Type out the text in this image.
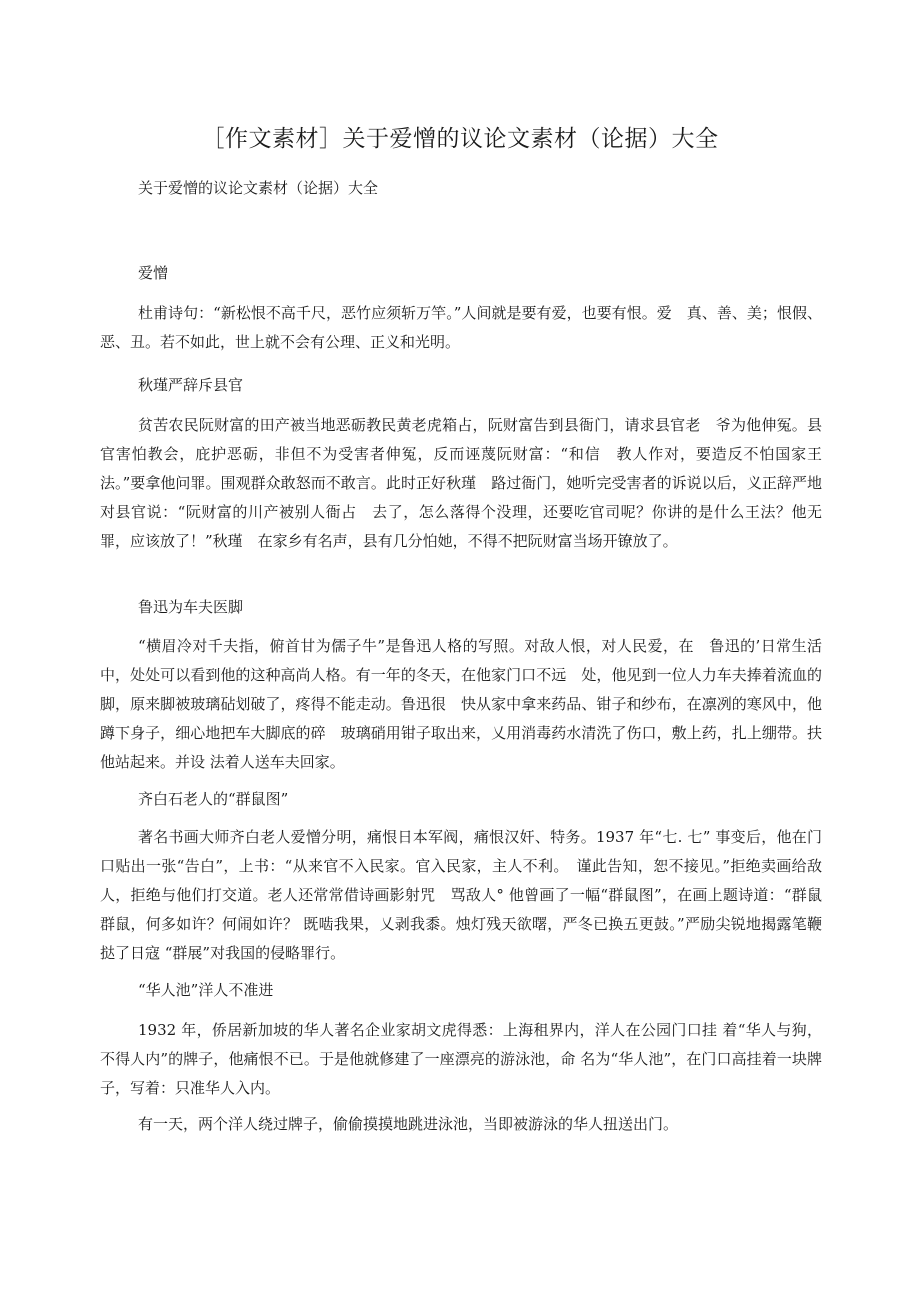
［作文素材］关于爱憎的议论文素材（论据）大全
关于爱憎的议论文素材（论据）大全
爱憎
杜甫诗句：“新松恨不高千尺，恶竹应须斩万竿。”人间就是要有爱，也要有恨。爱　真、善、美；恨假、恶、丑。若不如此，世上就不会有公理、正义和光明。
秋瑾严辞斥县官
贫苦农民阮财富的田产被当地恶砺教民黄老虎箱占，阮财富告到县衙门，请求县官老　爷为他伸冤。县官害怕教会，庇护恶砺，非但不为受害者伸冤，反而诬蔑阮财富：“和信　教人作对，要造反不怕国家王法。”要拿他问罪。围观群众敢怒而不敢言。此时正好秋瑾　路过衙门，她听完受害者的诉说以后，义正辞严地对县官说：“阮财富的川产被别人衙占　去了，怎么落得个没理，还要吃官司呢？你讲的是什么王法？他无罪，应该放了！”秋瑾　在家乡有名声，县有几分怕她，不得不把阮财富当场开镣放了。
鲁迅为车夫医脚
“横眉冷对千夫指，俯首甘为儒子牛”是鲁迅人格的写照。对敌人恨，对人民爱，在　鲁迅的’日常生活中，处处可以看到他的这种高尚人格。有一年的冬天，在他家门口不远　处，他见到一位人力车夫捧着流血的脚，原来脚被玻璃砧划破了，疼得不能走动。鲁迅很　快从家中拿来药品、钳子和纱布，在凛冽的寒风中，他蹲下身子，细心地把车大脚底的碎　玻璃硝用钳子取出来，乂用消毒药水清洗了伤口，敷上药，扎上绷带。扶他站起来。并设 法着人送车夫回家。
齐白石老人的“群鼠图”
著名书画大师齐白老人爱憎分明，痛恨日本军阀，痛恨汉奸、特务。1937 年“七. 七” 事变后，他在门口贴出一张“告白”，上书：“从来官不入民家。官入民家，主人不利。　谨此告知，恕不接见。”拒绝卖画给敌人，拒绝与他们打交道。老人还常常借诗画影射咒　骂敌人° 他曾画了一幅“群鼠图”，在画上题诗道：“群鼠群鼠，何多如许？何闹如许？ 既啮我果，乂剥我黍。烛灯残天欲曙，严冬已换五更鼓。”严励尖锐地揭露笔鞭挞了日寇 “群展”对我国的侵略罪行。
“华人池”洋人不准进
1932 年，侨居新加坡的华人著名企业家胡文虎得悉：上海租界内，洋人在公园门口挂 着“华人与狗，不得人内”的牌子，他痛恨不已。于是他就修建了一座漂亮的游泳池，命 名为“华人池”，在门口高挂着一块牌子，写着：只准华人入内。
有一天，两个洋人绕过牌子，偷偷摸摸地跳进泳池，当即被游泳的华人扭送出门。
